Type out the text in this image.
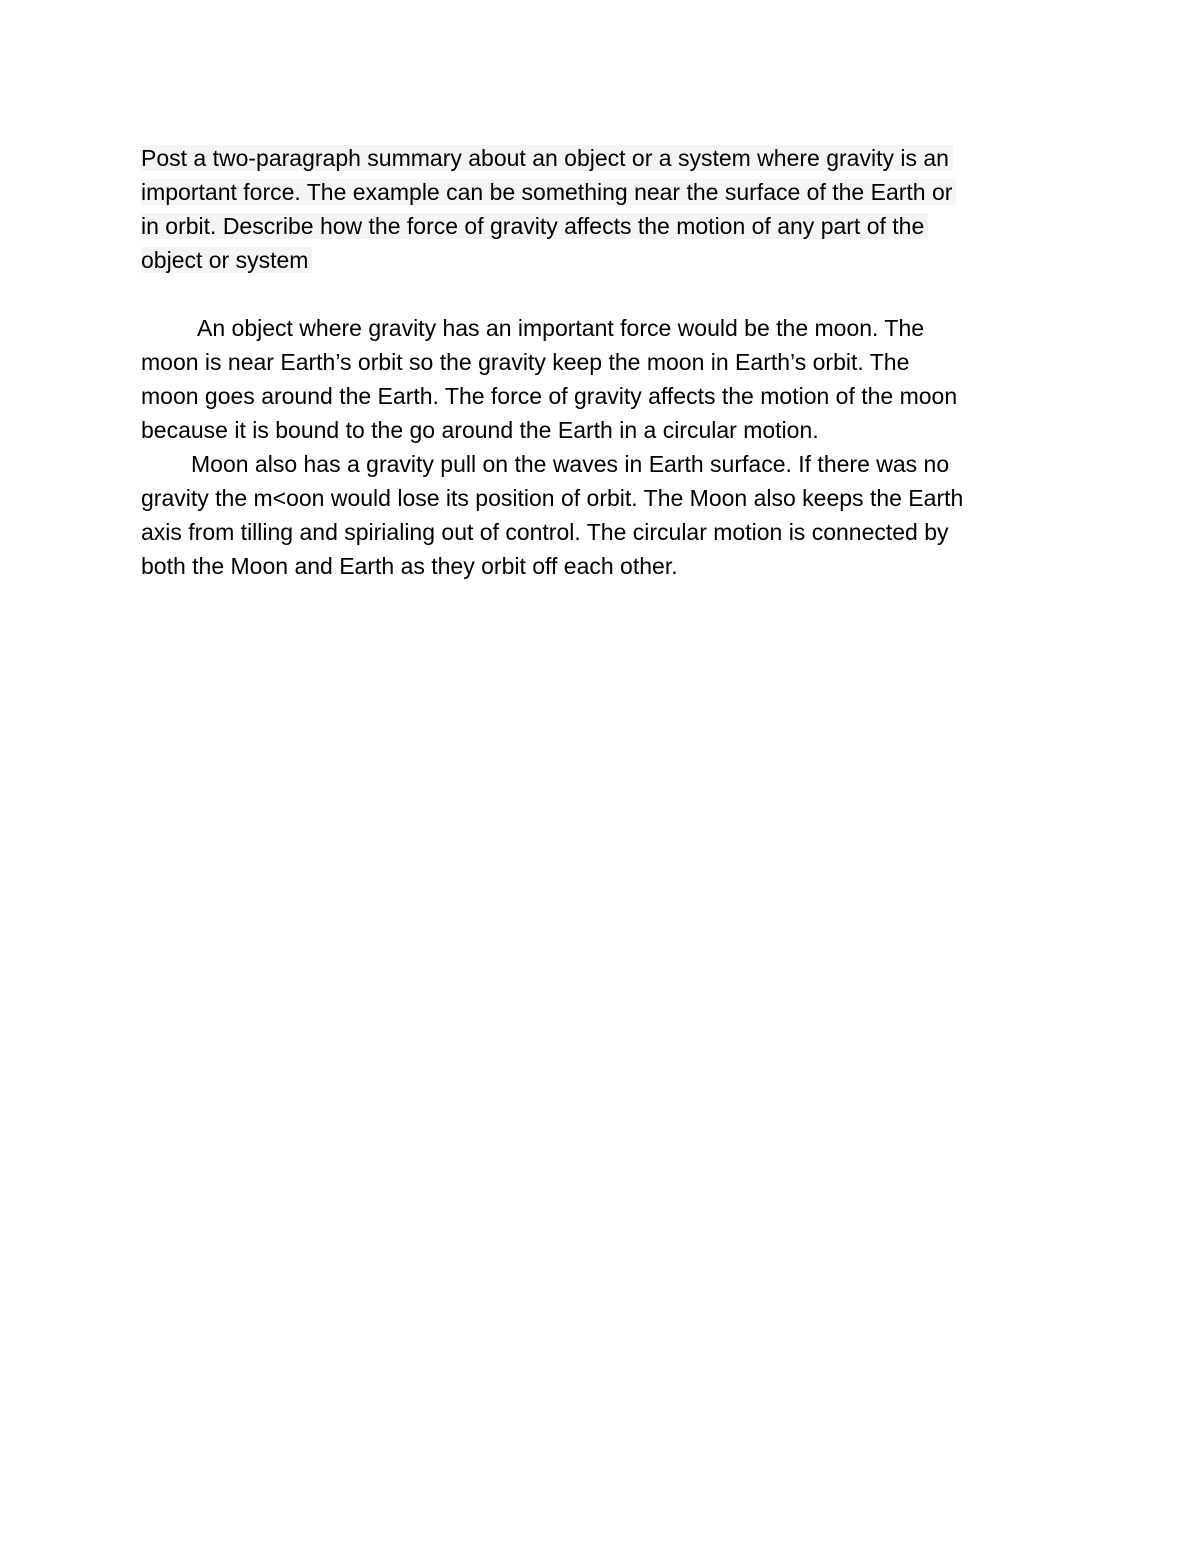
Post a two-paragraph summary about an object or a system where gravity is an
important force. The example can be something near the surface of the Earth or
in orbit. Describe how the force of gravity affects the motion of any part of the
object or system
An object where gravity has an important force would be the moon. The
moon is near Earth’s orbit so the gravity keep the moon in Earth’s orbit. The
moon goes around the Earth. The force of gravity affects the motion of the moon
because it is bound to the go around the Earth in a circular motion.
Moon also has a gravity pull on the waves in Earth surface. If there was no
gravity the m<oon would lose its position of orbit. The Moon also keeps the Earth
axis from tilling and spirialing out of control. The circular motion is connected by
both the Moon and Earth as they orbit off each other.
